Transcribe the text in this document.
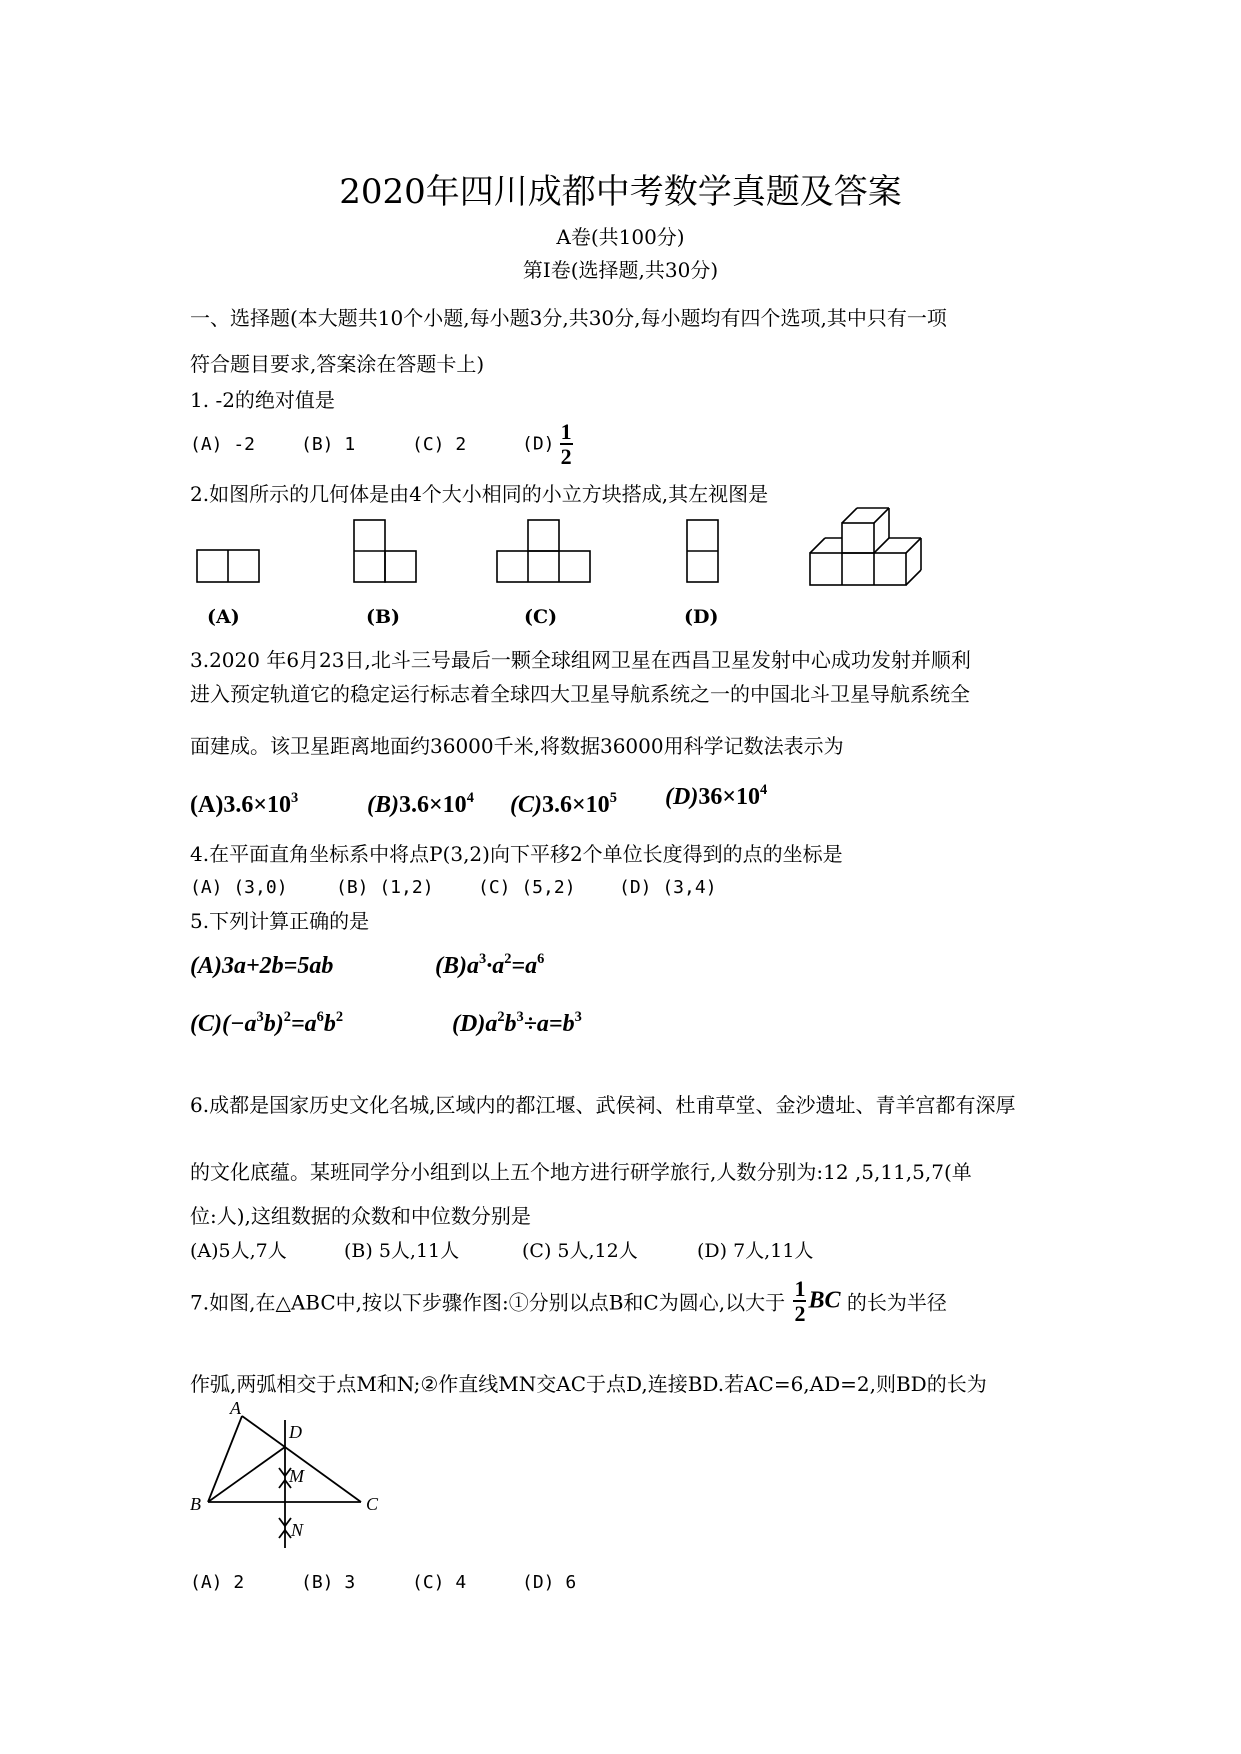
2020年四川成都中考数学真题及答案
A卷(共100分)
第Ⅰ卷(选择题,共30分)
一、选择题(本大题共10个小题,每小题3分,共30分,每小题均有四个选项,其中只有一项
符合题目要求,答案涂在答题卡上)
1. -2的绝对值是
(A) -2	(B) 1	(C) 2	$(D) \frac{1}{2}$
2.如图所示的几何体是由4个大小相同的小立方块搭成,其左视图是
(A)	(B)	(C)	(D)
3.2020 年6月23日,北斗三号最后一颗全球组网卫星在西昌卫星发射中心成功发射并顺利
进入预定轨道它的稳定运行标志着全球四大卫星导航系统之一的中国北斗卫星导航系统全
面建成。该卫星距离地面约36000千米,将数据36000用科学记数法表示为
$(A)3.6\times 10^3$	$(B)3.6\times 10^4$ $(C)3.6\times 10^5$ $(D)36\times 10^4$
4.在平面直角坐标系中将点P(3,2)向下平移2个单位长度得到的点的坐标是
(A) (3,0)	(B) (1,2) (C) (5,2) (D) (3,4)
5.下列计算正确的是
(A)3a+2b=5ab	$(B)a^3\cdot a^2=a^6$
$(C)(-a^3b)^2=a^6b^2$	$(D)a^2b^3\div a=b^3$
6.成都是国家历史文化名城,区域内的都江堰、武侯祠、杜甫草堂、金沙遗址、青羊宫都有深厚
的文化底蕴。某班同学分小组到以上五个地方进行研学旅行,人数分别为:12 ,5,11,5,7(单
位:人),这组数据的众数和中位数分别是
(A)5人,7人	(B) 5人,11人	(C) 5人,12人	(D) 7人,11人
7.如图,在△ABC中,按以下步骤作图:①分别以点B和C为圆心,以大于 $\frac{1}{2}$ BC 的长为半径
作弧,两弧相交于点M和N;②作直线MN交AC于点D,连接BD.若AC=6,AD=2,则BD的长为
A
D
M
B	C
N
(A) 2	(B) 3	(C) 4	(D) 6
